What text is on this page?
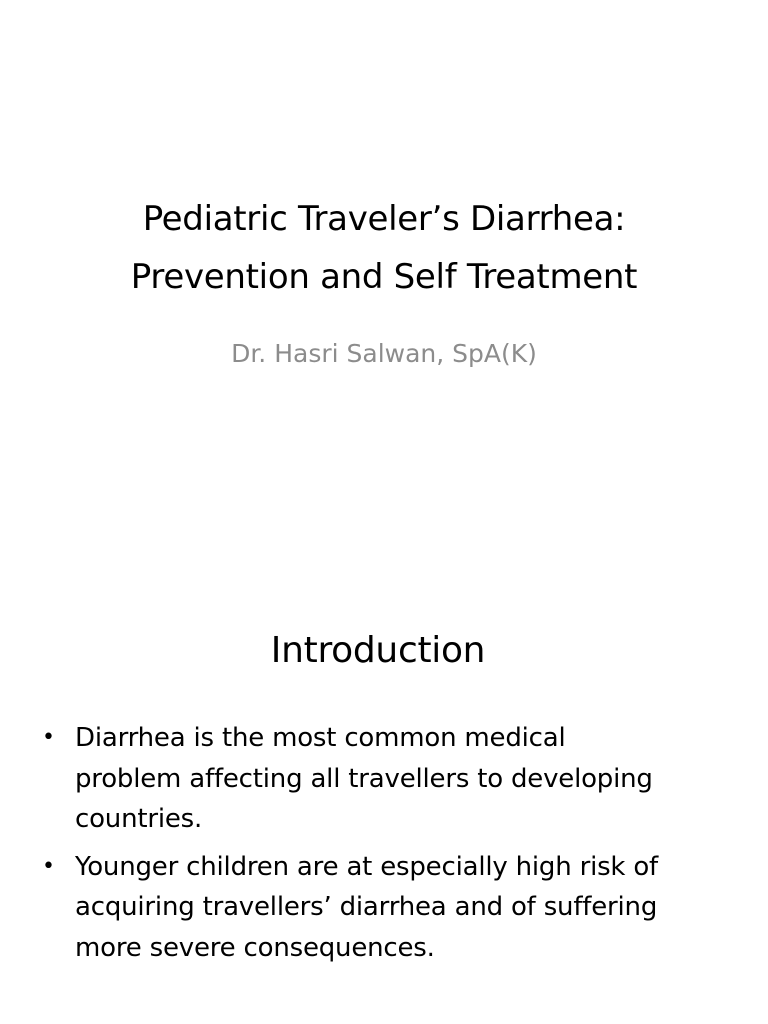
Pediatric Traveler’s Diarrhea:
Prevention and Self Treatment
Dr. Hasri Salwan, SpA(K)
Introduction
• Diarrhea is the most common medical
problem affecting all travellers to developing
countries.
• Younger children are at especially high risk of
acquiring travellers’ diarrhea and of suffering
more severe consequences.
